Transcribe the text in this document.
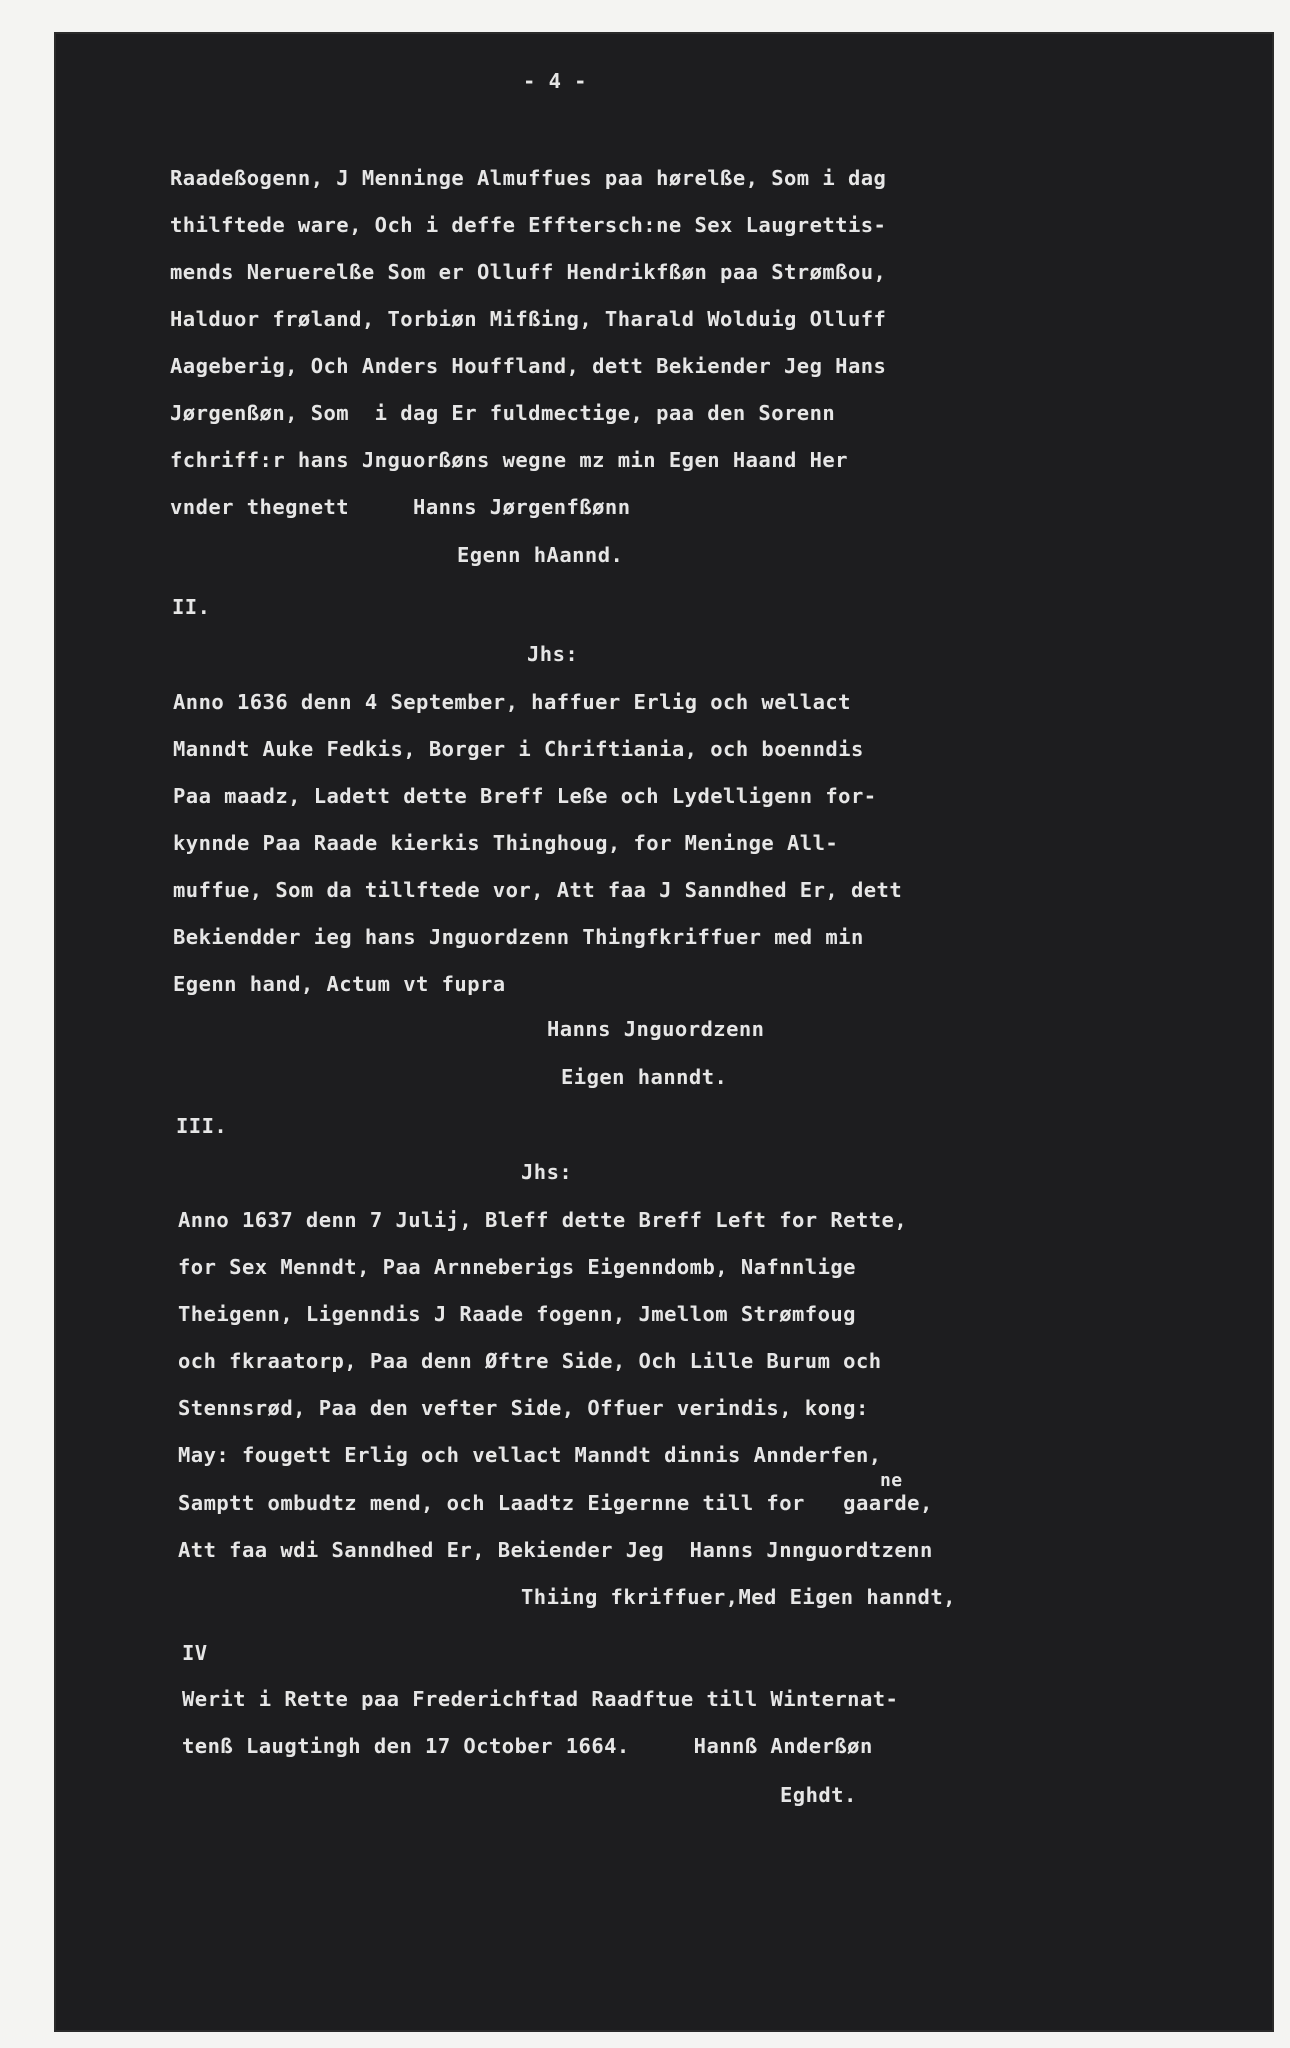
- 4 -

Raadeßogenn, J Menninge Almuffues paa hørelße, Som i dag

thilftede ware, Och i deffe Efftersch:ne Sex Laugrettis-

mends Neruerelße Som er Olluff Hendrikfßøn paa Strømßou,

Halduor frøland, Torbiøn Mifßing, Tharald Wolduig Olluff

Aageberig, Och Anders Houffland, dett Bekiender Jeg Hans

Jørgenßøn, Som  i dag Er fuldmectige, paa den Sorenn

fchriff:r hans Jnguorßøns wegne mz min Egen Haand Her

vnder thegnett     Hanns Jørgenfßønn

Egenn hAannd.

II.

Jhs:

Anno 1636 denn 4 September, haffuer Erlig och wellact

Manndt Auke Fedkis, Borger i Chriftiania, och boenndis

Paa maadz, Ladett dette Breff Leße och Lydelligenn for-

kynnde Paa Raade kierkis Thinghoug, for Meninge All-

muffue, Som da tillftede vor, Att faa J Sanndhed Er, dett

Bekiendder ieg hans Jnguordzenn Thingfkriffuer med min

Egenn hand, Actum vt fupra

Hanns Jnguordzenn

Eigen hanndt.

III.

Jhs:

Anno 1637 denn 7 Julij, Bleff dette Breff Left for Rette,

for Sex Menndt, Paa Arnneberigs Eigenndomb, Nafnnlige

Theigenn, Ligenndis J Raade fogenn, Jmellom Strømfoug

och fkraatorp, Paa denn Øftre Side, Och Lille Burum och

Stennsrød, Paa den vefter Side, Offuer verindis, kong:

May: fougett Erlig och vellact Manndt dinnis Annderfen,

ne

Samptt ombudtz mend, och Laadtz Eigernne till for   gaarde,

Att faa wdi Sanndhed Er, Bekiender Jeg  Hanns Jnnguordtzenn

Thiing fkriffuer,Med Eigen hanndt,

IV

Werit i Rette paa Frederichftad Raadftue till Winternat-

tenß Laugtingh den 17 October 1664.     Hannß Anderßøn

Eghdt.
